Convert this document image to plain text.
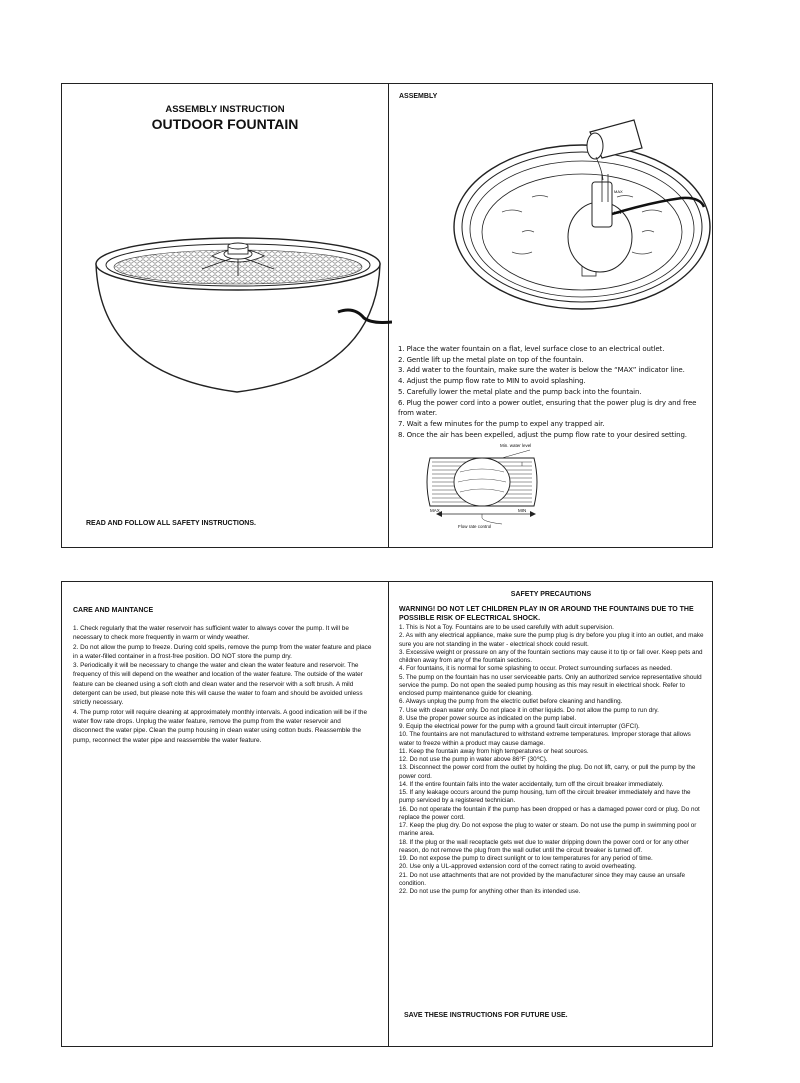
ASSEMBLY INSTRUCTION
OUTDOOR FOUNTAIN
READ AND FOLLOW ALL SAFETY INSTRUCTIONS.
ASSEMBLY
MAX
MIN
1. Place the water fountain on a flat, level surface close to an electrical outlet.
2. Gentle lift up the metal plate on top of the fountain.
3. Add water to the fountain, make sure the water is below the “MAX” indicator line.
4. Adjust the pump flow rate to MIN to avoid splashing.
5. Carefully lower the metal plate and the pump back into the fountain.
6. Plug the power cord into a power outlet, ensuring that the power plug is dry and free from water.
7. Wait a few minutes for the pump to expel any trapped air.
8. Once the air has been expelled, adjust the pump flow rate to your desired setting.
Min. water level
MAX	MIN
Flow rate control
CARE AND MAINTANCE
1. Check regularly that the water reservoir has sufficient water to always cover the pump. It will be necessary to check more frequently in warm or windy weather.
2. Do not allow the pump to freeze. During cold spells, remove the pump from the water feature and place in a water-filled container in a frost-free position. DO NOT store the pump dry.
3. Periodically it will be necessary to change the water and clean the water feature and reservoir. The frequency of this will depend on the weather and location of the water feature. The outside of the water feature can be cleaned using a soft cloth and clean water and the reservoir with a soft brush. A mild detergent can be used, but please note this will cause the water to foam and should be avoided unless strictly necessary.
4. The pump rotor will require cleaning at approximately monthly intervals. A good indication will be if the water flow rate drops. Unplug the water feature, remove the pump from the water reservoir and disconnect the water pipe. Clean the pump housing in clean water using cotton buds. Reassemble the pump, reconnect the water pipe and reassemble the water feature.
SAFETY PRECAUTIONS
WARNING! DO NOT LET CHILDREN PLAY IN OR AROUND THE FOUNTAINS DUE TO THE POSSIBLE RISK OF ELECTRICAL SHOCK.
1. This is Not a Toy. Fountains are to be used carefully with adult supervision.
2. As with any electrical appliance, make sure the pump plug is dry before you plug it into an outlet, and make sure you are not standing in the water - electrical shock could result.
3. Excessive weight or pressure on any of the fountain sections may cause it to tip or fall over. Keep pets and children away from any of the fountain sections.
4. For fountains, it is normal for some splashing to occur. Protect surrounding surfaces as needed.
5. The pump on the fountain has no user serviceable parts. Only an authorized service representative should service the pump. Do not open the sealed pump housing as this may result in electrical shock. Refer to enclosed pump maintenance guide for cleaning.
6. Always unplug the pump from the electric outlet before cleaning and handling.
7. Use with clean water only. Do not place it in other liquids. Do not allow the pump to run dry.
8. Use the proper power source as indicated on the pump label.
9. Equip the electrical power for the pump with a ground fault circuit interrupter (GFCI).
10. The fountains are not manufactured to withstand extreme temperatures. Improper storage that allows water to freeze within a product may cause damage.
11. Keep the fountain away from high temperatures or heat sources.
12. Do not use the pump in water above 86°F (30℃).
13. Disconnect the power cord from the outlet by holding the plug. Do not lift, carry, or pull the pump by the power cord.
14. If the entire fountain falls into the water accidentally, turn off the circuit breaker immediately.
15. If any leakage occurs around the pump housing, turn off the circuit breaker immediately and have the pump serviced by a registered technician.
16. Do not operate the fountain if the pump has been dropped or has a damaged power cord or plug. Do not replace the power cord.
17. Keep the plug dry. Do not expose the plug to water or steam. Do not use the pump in swimming pool or marine area.
18. If the plug or the wall receptacle gets wet due to water dripping down the power cord or for any other reason, do not remove the plug from the wall outlet until the circuit breaker is turned off.
19. Do not expose the pump to direct sunlight or to low temperatures for any period of time.
20. Use only a UL-approved extension cord of the correct rating to avoid overheating.
21. Do not use attachments that are not provided by the manufacturer since they may cause an unsafe condition.
22. Do not use the pump for anything other than its intended use.
SAVE THESE INSTRUCTIONS FOR FUTURE USE.
